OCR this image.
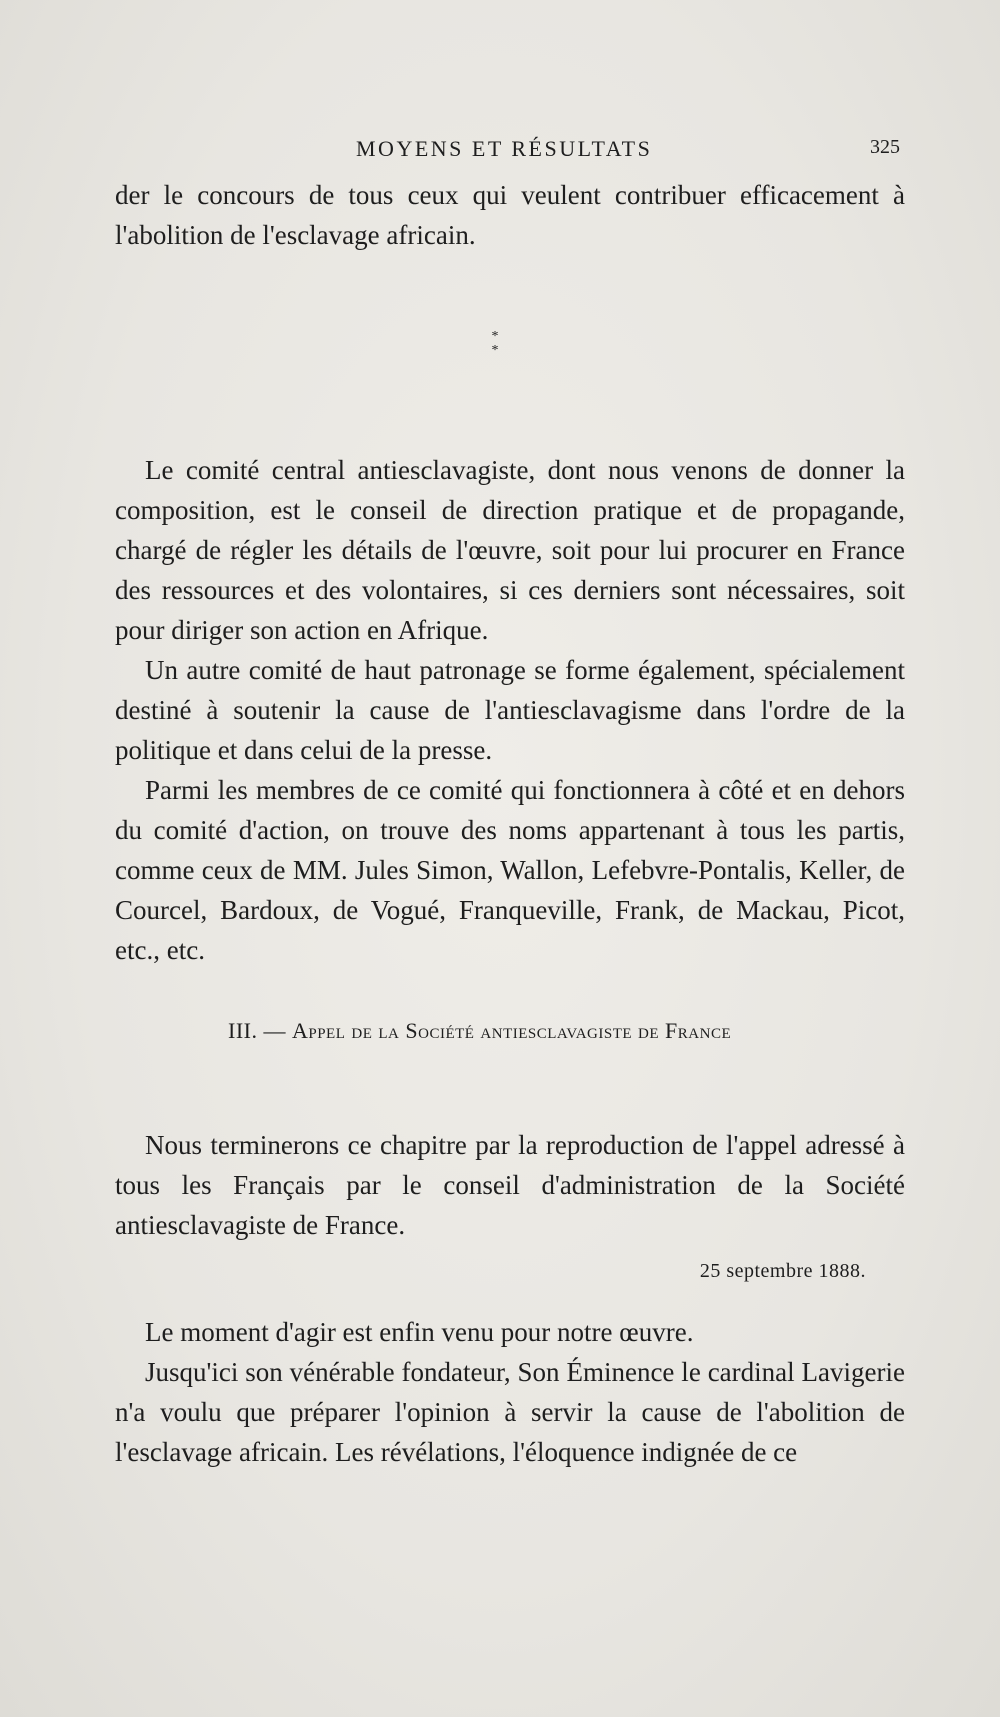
MOYENS ET RÉSULTATS	325

der le concours de tous ceux qui veulent contribuer efficacement à l'abolition de l'esclavage africain.

*
*

Le comité central antiesclavagiste, dont nous venons de donner la composition, est le conseil de direction pratique et de propagande, chargé de régler les détails de l'œuvre, soit pour lui procurer en France des ressources et des volontaires, si ces derniers sont nécessaires, soit pour diriger son action en Afrique.

Un autre comité de haut patronage se forme également, spécialement destiné à soutenir la cause de l'antiesclavagisme dans l'ordre de la politique et dans celui de la presse.

Parmi les membres de ce comité qui fonctionnera à côté et en dehors du comité d'action, on trouve des noms appartenant à tous les partis, comme ceux de MM. Jules Simon, Wallon, Lefebvre-Pontalis, Keller, de Courcel, Bardoux, de Vogué, Franqueville, Frank, de Mackau, Picot, etc., etc.

III. — Appel de la Société antiesclavagiste de France

Nous terminerons ce chapitre par la reproduction de l'appel adressé à tous les Français par le conseil d'administration de la Société antiesclavagiste de France.

25 septembre 1888.

Le moment d'agir est enfin venu pour notre œuvre.

Jusqu'ici son vénérable fondateur, Son Éminence le cardinal Lavigerie n'a voulu que préparer l'opinion à servir la cause de l'abolition de l'esclavage africain. Les révélations, l'éloquence indignée de ce
